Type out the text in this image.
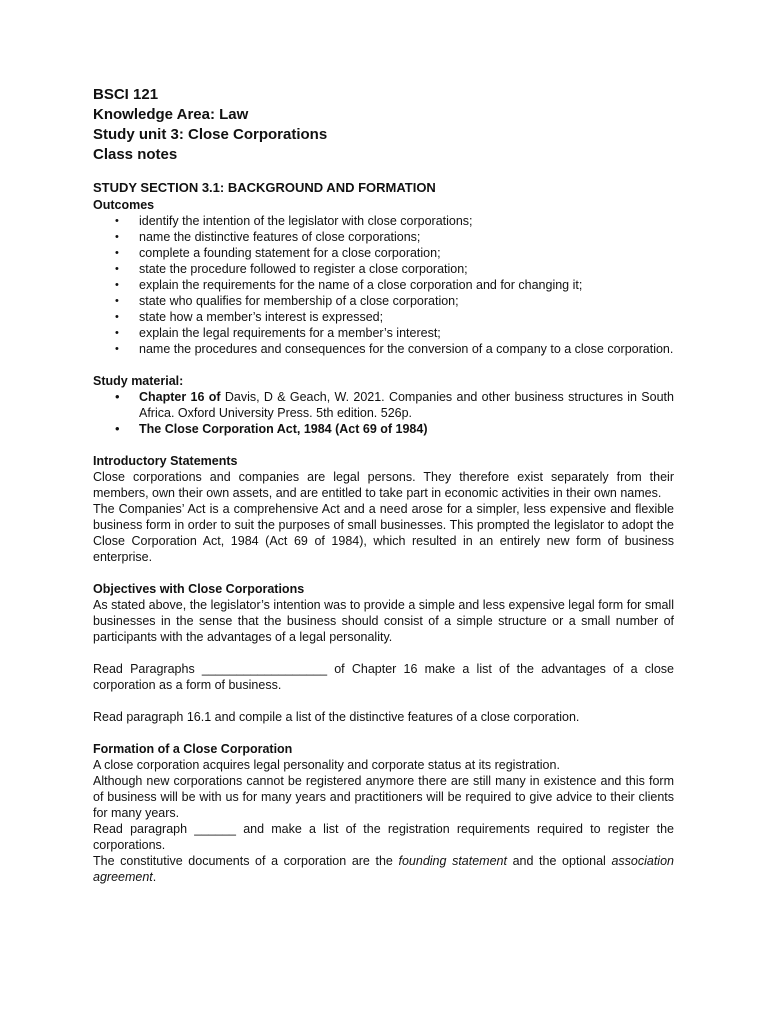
BSCI 121

Knowledge Area: Law

Study unit 3: Close Corporations

Class notes

STUDY SECTION 3.1: BACKGROUND AND FORMATION

Outcomes

• identify the intention of the legislator with close corporations;
• name the distinctive features of close corporations;
• complete a founding statement for a close corporation;
• state the procedure followed to register a close corporation;
• explain the requirements for the name of a close corporation and for changing it;
• state who qualifies for membership of a close corporation;
• state how a member’s interest is expressed;
• explain the legal requirements for a member’s interest;
• name the procedures and consequences for the conversion of a company to a close corporation.

Study material:

• Chapter 16 of Davis, D & Geach, W. 2021. Companies and other business structures in South Africa. Oxford University Press. 5th edition. 526p.
• The Close Corporation Act, 1984 (Act 69 of 1984)

Introductory Statements

Close corporations and companies are legal persons. They therefore exist separately from their members, own their own assets, and are entitled to take part in economic activities in their own names.

The Companies’ Act is a comprehensive Act and a need arose for a simpler, less expensive and flexible business form in order to suit the purposes of small businesses. This prompted the legislator to adopt the Close Corporation Act, 1984 (Act 69 of 1984), which resulted in an entirely new form of business enterprise.

Objectives with Close Corporations

As stated above, the legislator’s intention was to provide a simple and less expensive legal form for small businesses in the sense that the business should consist of a simple structure or a small number of participants with the advantages of a legal personality.

Read Paragraphs __________________ of Chapter 16 make a list of the advantages of a close corporation as a form of business.

Read paragraph 16.1 and compile a list of the distinctive features of a close corporation.

Formation of a Close Corporation

A close corporation acquires legal personality and corporate status at its registration.

Although new corporations cannot be registered anymore there are still many in existence and this form of business will be with us for many years and practitioners will be required to give advice to their clients for many years.

Read paragraph ______ and make a list of the registration requirements required to register the corporations.

The constitutive documents of a corporation are the founding statement and the optional association agreement.
